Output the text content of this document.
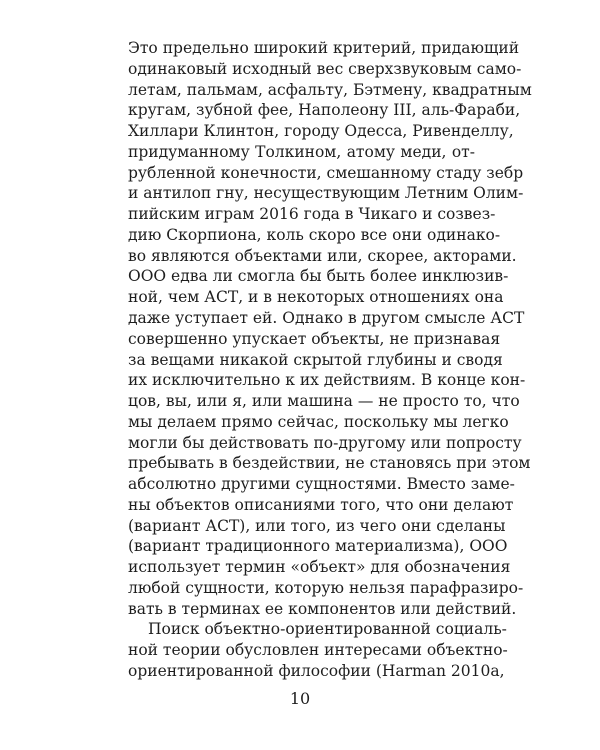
Это предельно широкий критерий, придающий
одинаковый исходный вес сверхзвуковым само-
летам, пальмам, асфальту, Бэтмену, квадратным
кругам, зубной фее, Наполеону III, аль-Фараби,
Хиллари Клинтон, городу Одесса, Ривенделлу,
придуманному Толкином, атому меди, от-
рубленной конечности, смешанному стаду зебр
и антилоп гну, несуществующим Летним Олим-
пийским играм 2016 года в Чикаго и созвез-
дию Скорпиона, коль скоро все они одинако-
во являются объектами или, скорее, акторами.
ООО едва ли смогла бы быть более инклюзив-
ной, чем АСТ, и в некоторых отношениях она
даже уступает ей. Однако в другом смысле АСТ
совершенно упускает объекты, не признавая
за вещами никакой скрытой глубины и сводя
их исключительно к их действиям. В конце кон-
цов, вы, или я, или машина — не просто то, что
мы делаем прямо сейчас, поскольку мы легко
могли бы действовать по-другому или попросту
пребывать в бездействии, не становясь при этом
абсолютно другими сущностями. Вместо заме-
ны объектов описаниями того, что они делают
(вариант АСТ), или того, из чего они сделаны
(вариант традиционного материализма), ООО
использует термин «объект» для обозначения
любой сущности, которую нельзя парафразиро-
вать в терминах ее компонентов или действий.
Поиск объектно-ориентированной социаль-
ной теории обусловлен интересами объектно-
ориентированной философии (Harman 2010a,
10
